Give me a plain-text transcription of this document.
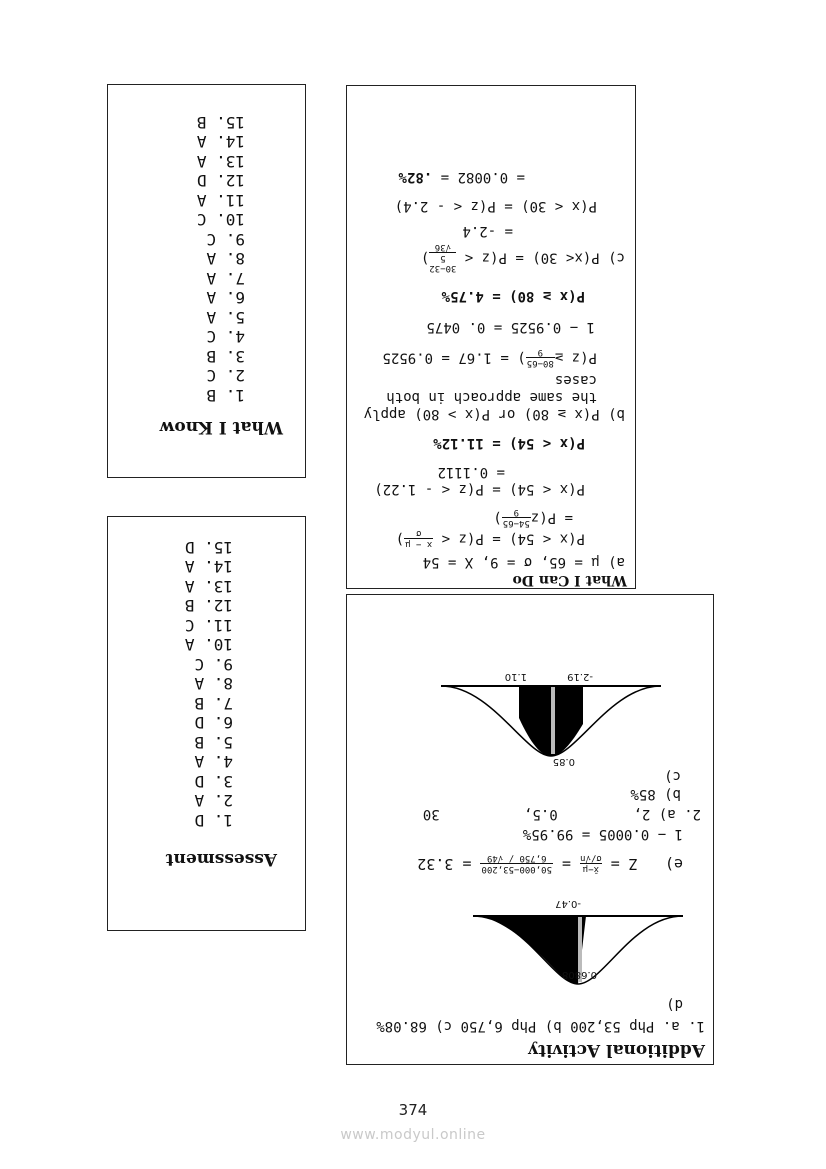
What I Know
1. B
2. C
3. B
4. C
5. A
6. A
7. A
8. A
9. C
10. C
11. A
12. D
13. A
14. A
15. B
Assessment
1. D
2. A
3. D
4. A
5. B
6. D
7. B
8. A
9. C
10. A
11. C
12. B
13. A
14. A
15. D
What I Can Do
a) μ = 65, σ = 9, X = 54
P(x < 54) = P(z <
x − μ
σ
)
= P(z
54−65
9
)
P(x < 54) = P(z < - 1.22)
= 0.1112
P(x < 54) = 11.12%
b) P(x ≥ 80) or P(x > 80) apply
the same approach in both
cases
P(z ≥
80−65
9
) = 1.67 = 0.9525
1 − 0.9525 = 0. 0475
P(x ≥ 80) = 4.75%
c) P(x< 30) = P(z <
30−32
5
√36
)
= -2.4
P(x < 30) = P(z < - 2.4)
= 0.0082 = .82%
Additional Activity
1. a. Php 53,200 b) Php 6,750 c) 68.08%
d)
0.6808
-0.47
e)   Z =
x̄−μ
σ/√n
=
50,000−53,200
6,750 / √49
= 3.32
1 − 0.0005 = 99.95%
2. a) 2,         0.5,          30
b) 85%
c)
0.85
-2.19
1.10
374
www.modyul.online
